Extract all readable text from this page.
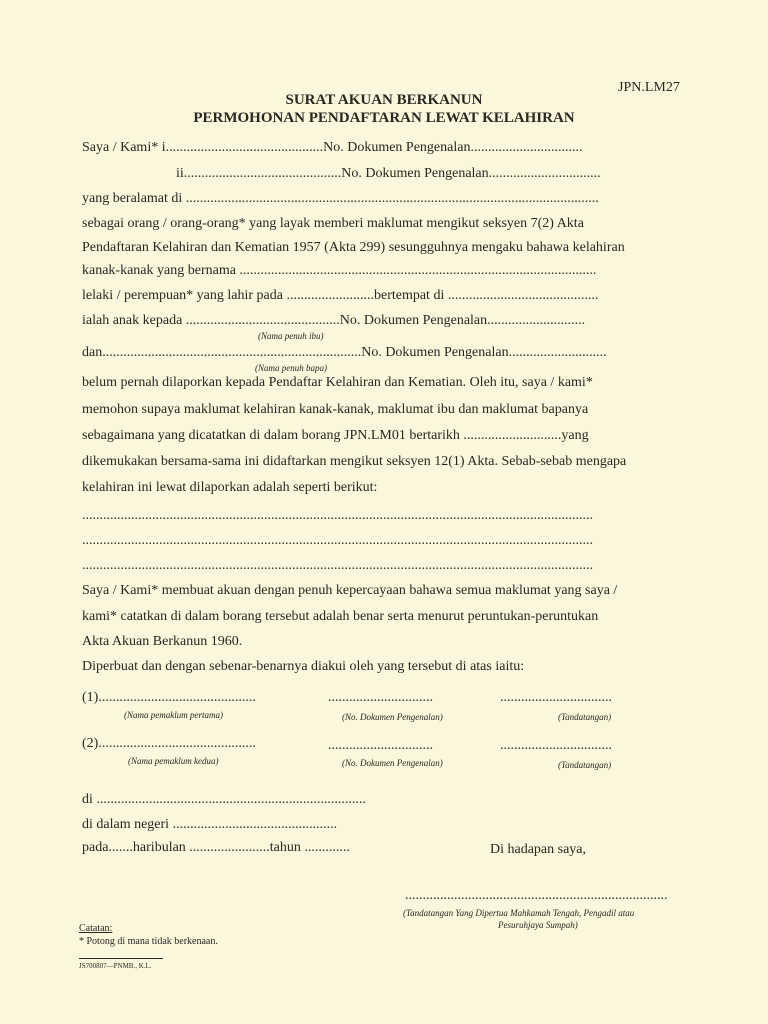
JPN.LM27
SURAT AKUAN BERKANUN
PERMOHONAN PENDAFTARAN LEWAT KELAHIRAN
Saya / Kami* i.............................................No. Dokumen Pengenalan................................
ii.............................................No. Dokumen Pengenalan................................
yang beralamat di ......................................................................................................................
sebagai orang / orang-orang* yang layak memberi maklumat mengikut seksyen 7(2) Akta
Pendaftaran Kelahiran dan Kematian 1957 (Akta 299) sesungguhnya mengaku bahawa kelahiran
kanak-kanak yang bernama ......................................................................................................
lelaki / perempuan* yang lahir pada .........................bertempat di ...........................................
ialah anak kepada ............................................No. Dokumen Pengenalan............................
(Nama penuh ibu)
dan..........................................................................No. Dokumen Pengenalan............................
(Nama penuh bapa)
belum pernah dilaporkan kepada Pendaftar Kelahiran dan Kematian. Oleh itu, saya / kami*
memohon supaya maklumat kelahiran kanak-kanak, maklumat ibu dan maklumat bapanya
sebagaimana yang dicatatkan di dalam borang JPN.LM01 bertarikh ............................yang
dikemukakan bersama-sama ini didaftarkan mengikut seksyen 12(1) Akta. Sebab-sebab mengapa
kelahiran ini lewat dilaporkan adalah seperti berikut:
..................................................................................................................................................
..................................................................................................................................................
..................................................................................................................................................
Saya / Kami* membuat akuan dengan penuh kepercayaan bahawa semua maklumat yang saya /
kami* catatkan di dalam borang tersebut adalah benar serta menurut peruntukan-peruntukan
Akta Akuan Berkanun 1960.
Diperbuat dan dengan sebenar-benarnya diakui oleh yang tersebut di atas iaitu:
(1).............................................
(Nama pemaklum pertama)
..............................
(No. Dokumen Pengenalan)
................................
(Tandatangan)
(2).............................................
(Nama pemaklum kedua)
..............................
(No. Dokumen Pengenalan)
................................
(Tandatangan)
di .............................................................................
di dalam negeri ...............................................
pada.......haribulan .......................tahun .............	Di hadapan saya,
...........................................................................
(Tandatangan Yang Dipertua Mahkamah Tengah, Pengadil atau
Pesuruhjaya Sumpah)
Catatan:
* Potong di mana tidak berkenaan.
JS700807—PNMB., K.L.
